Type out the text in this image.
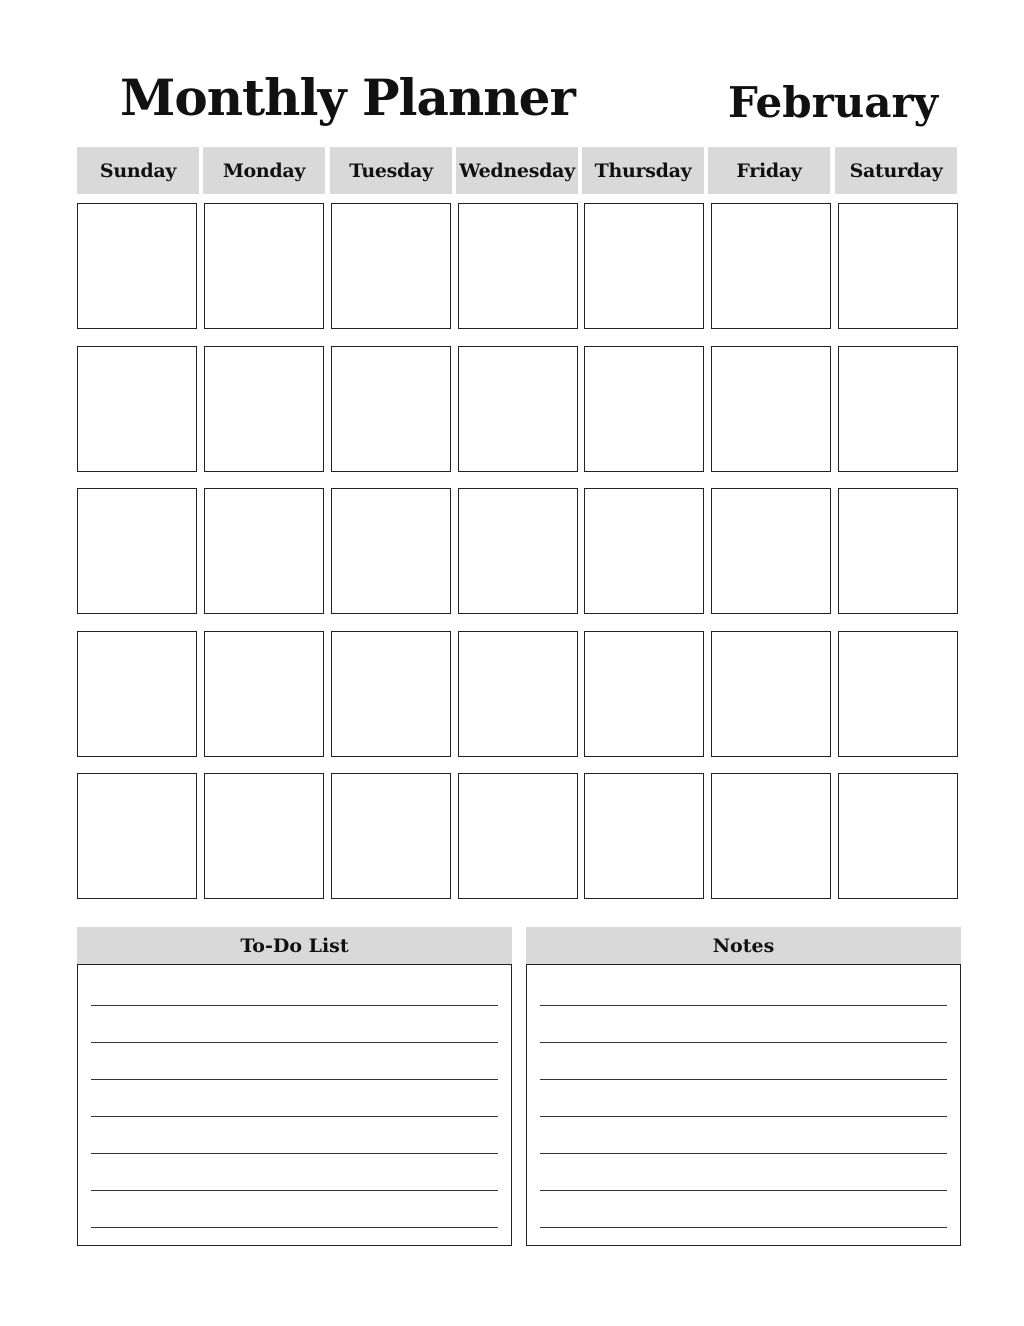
Monthly Planner	February
Sunday	Monday	Tuesday	Wednesday	Thursday	Friday	Saturday
To-Do List	Notes
